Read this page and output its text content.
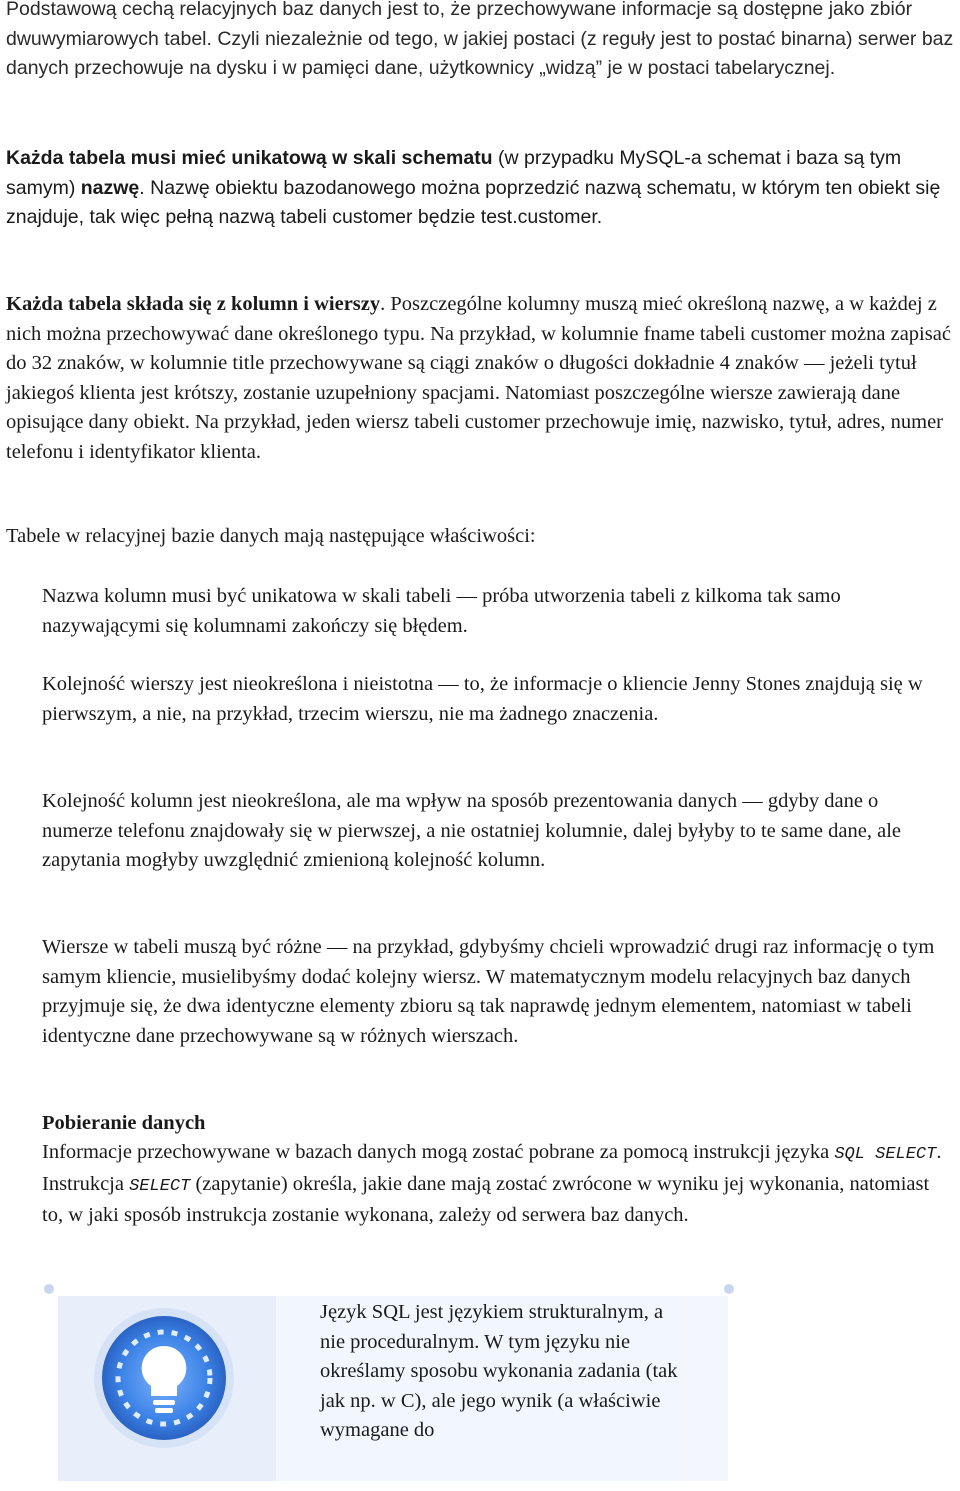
Podstawową cechą relacyjnych baz danych jest to, że przechowywane informacje są dostępne jako zbiór dwuwymiarowych tabel. Czyli niezależnie od tego, w jakiej postaci (z reguły jest to postać binarna) serwer baz danych przechowuje na dysku i w pamięci dane, użytkownicy „widzą” je w postaci tabelarycznej.

Każda tabela musi mieć unikatową w skali schematu (w przypadku MySQL-a schemat i baza są tym samym) nazwę. Nazwę obiektu bazodanowego można poprzedzić nazwą schematu, w którym ten obiekt się znajduje, tak więc pełną nazwą tabeli customer będzie test.customer.

Każda tabela składa się z kolumn i wierszy. Poszczególne kolumny muszą mieć określoną nazwę, a w każdej z nich można przechowywać dane określonego typu. Na przykład, w kolumnie fname tabeli customer można zapisać do 32 znaków, w kolumnie title przechowywane są ciągi znaków o długości dokładnie 4 znaków — jeżeli tytuł jakiegoś klienta jest krótszy, zostanie uzupełniony spacjami. Natomiast poszczególne wiersze zawierają dane opisujące dany obiekt. Na przykład, jeden wiersz tabeli customer przechowuje imię, nazwisko, tytuł, adres, numer telefonu i identyfikator klienta.

Tabele w relacyjnej bazie danych mają następujące właściwości:

Nazwa kolumn musi być unikatowa w skali tabeli — próba utworzenia tabeli z kilkoma tak samo nazywającymi się kolumnami zakończy się błędem.

Kolejność wierszy jest nieokreślona i nieistotna — to, że informacje o kliencie Jenny Stones znajdują się w pierwszym, a nie, na przykład, trzecim wierszu, nie ma żadnego znaczenia.

Kolejność kolumn jest nieokreślona, ale ma wpływ na sposób prezentowania danych — gdyby dane o numerze telefonu znajdowały się w pierwszej, a nie ostatniej kolumnie, dalej byłyby to te same dane, ale zapytania mogłyby uwzględnić zmienioną kolejność kolumn.

Wiersze w tabeli muszą być różne — na przykład, gdybyśmy chcieli wprowadzić drugi raz informację o tym samym kliencie, musielibyśmy dodać kolejny wiersz. W matematycznym modelu relacyjnych baz danych przyjmuje się, że dwa identyczne elementy zbioru są tak naprawdę jednym elementem, natomiast w tabeli identyczne dane przechowywane są w różnych wierszach.

Pobieranie danych

Informacje przechowywane w bazach danych mogą zostać pobrane za pomocą instrukcji języka SQL SELECT. Instrukcja SELECT (zapytanie) określa, jakie dane mają zostać zwrócone w wyniku jej wykonania, natomiast to, w jaki sposób instrukcja zostanie wykonana, zależy od serwera baz danych.

Język SQL jest językiem strukturalnym, a nie proceduralnym. W tym języku nie określamy sposobu wykonania zadania (tak jak np. w C), ale jego wynik (a właściwie wymagane do
